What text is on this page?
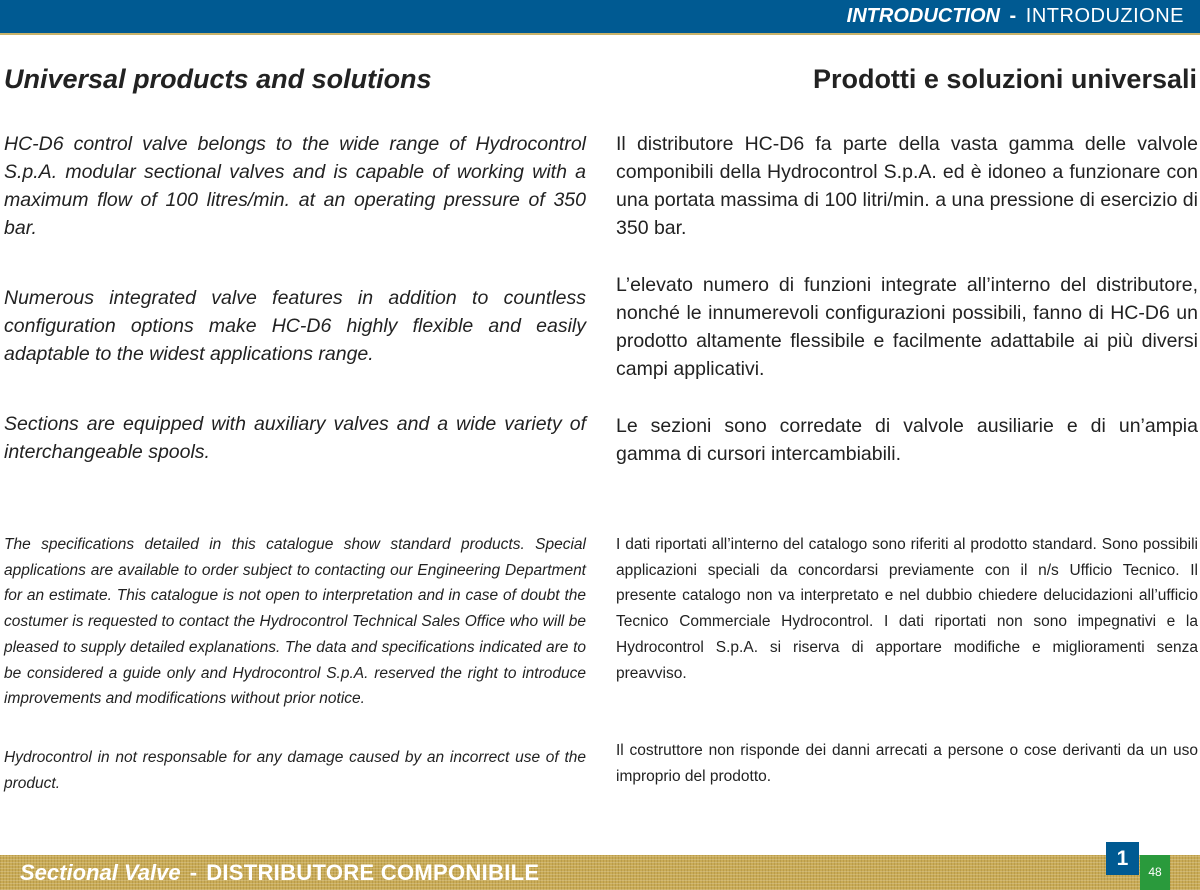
INTRODUCTION - INTRODUZIONE
Universal products and solutions	Prodotti e soluzioni universali

HC-D6 control valve belongs to the wide range of Hydrocontrol S.p.A. modular sectional valves and is capable of working with a maximum flow of 100 litres/min. at an operating pressure of 350 bar.

Numerous integrated valve features in addition to countless configuration options make HC-D6 highly flexible and easily adaptable to the widest applications range.

Sections are equipped with auxiliary valves and a wide variety of interchangeable spools.

Il distributore HC-D6 fa parte della vasta gamma delle valvole componibili della Hydrocontrol S.p.A. ed è idoneo a funzionare con una portata massima di 100 litri/min. a una pressione di esercizio di 350 bar.

L’elevato numero di funzioni integrate all’interno del distributore, nonché le innumerevoli configurazioni possibili, fanno di HC-D6 un prodotto altamente flessibile e facilmente adattabile ai più diversi campi applicativi.

Le sezioni sono corredate di valvole ausiliarie e di un’ampia gamma di cursori intercambiabili.

The specifications detailed in this catalogue show standard products. Special applications are available to order subject to contacting our Engineering Department for an estimate. This catalogue is not open to interpretation and in case of doubt the costumer is requested to contact the Hydrocontrol Technical Sales Office who will be pleased to supply detailed explanations. The data and specifications indicated are to be considered a guide only and Hydrocontrol S.p.A. reserved the right to introduce improvements and modifications without prior notice.

Hydrocontrol in not responsable for any damage caused by an incorrect use of the product.

I dati riportati all’interno del catalogo sono riferiti al prodotto standard. Sono possibili applicazioni speciali da concordarsi previamente con il n/s Ufficio Tecnico. Il presente catalogo non va interpretato e nel dubbio chiedere delucidazioni all’ufficio Tecnico Commerciale Hydrocontrol. I dati riportati non sono impegnativi e la Hydrocontrol S.p.A. si riserva di apportare modifiche e miglioramenti senza preavviso.

Il costruttore non risponde dei danni arrecati a persone o cose derivanti da un uso improprio del prodotto.

Sectional Valve - DISTRIBUTORE COMPONIBILE
1
48
